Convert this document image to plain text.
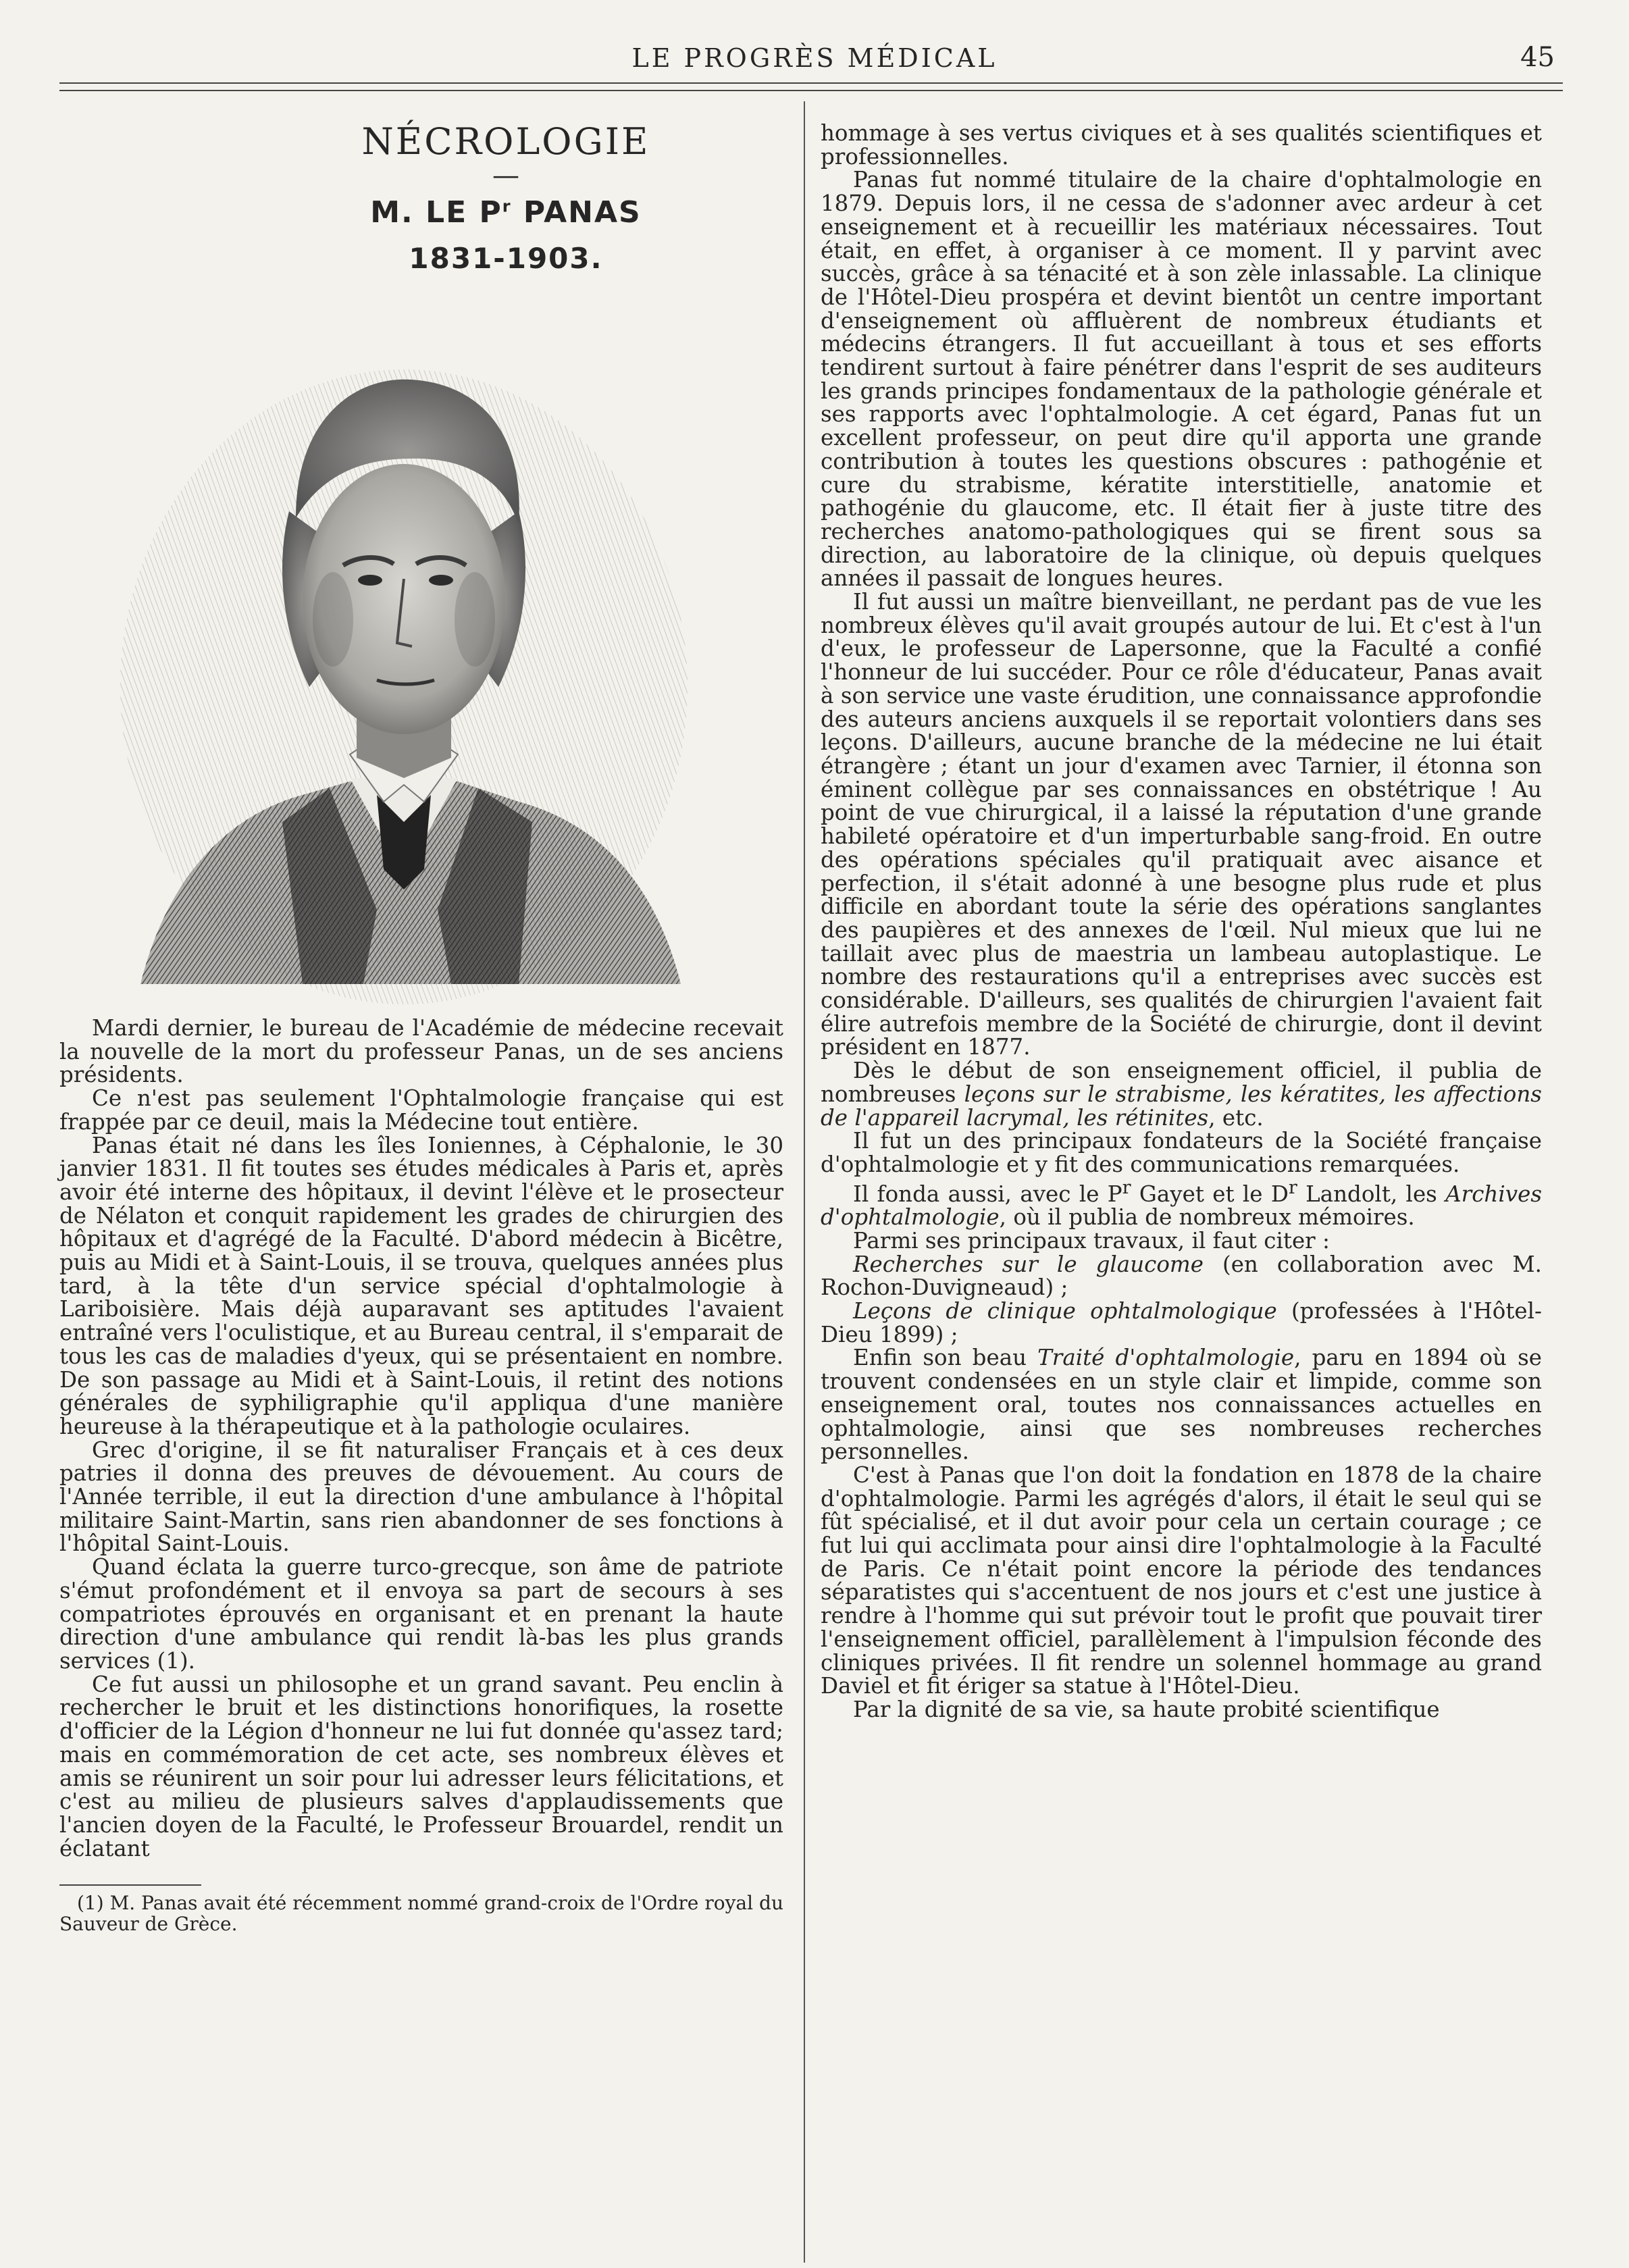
LE PROGRÈS MÉDICAL	45
NÉCROLOGIE
—
M. LE $P^r$ PANAS
1831-1903.

Mardi dernier, le bureau de l'Académie de médecine recevait la nouvelle de la mort du professeur Panas, un de ses anciens présidents.

Ce n'est pas seulement l'Ophtalmologie française qui est frappée par ce deuil, mais la Médecine tout entière.

Panas était né dans les îles Ioniennes, à Céphalonie, le 30 janvier 1831. Il fit toutes ses études médicales à Paris et, après avoir été interne des hôpitaux, il devint l'élève et le prosecteur de Nélaton et conquit rapidement les grades de chirurgien des hôpitaux et d'agrégé de la Faculté. D'abord médecin à Bicêtre, puis au Midi et à Saint-Louis, il se trouva, quelques années plus tard, à la tête d'un service spécial d'ophtalmologie à Lariboisière. Mais déjà auparavant ses aptitudes l'avaient entraîné vers l'oculistique, et au Bureau central, il s'emparait de tous les cas de maladies d'yeux, qui se présentaient en nombre. De son passage au Midi et à Saint-Louis, il retint des notions générales de syphiligraphie qu'il appliqua d'une manière heureuse à la thérapeutique et à la pathologie oculaires.

Grec d'origine, il se fit naturaliser Français et à ces deux patries il donna des preuves de dévouement. Au cours de l'Année terrible, il eut la direction d'une ambulance à l'hôpital militaire Saint-Martin, sans rien abandonner de ses fonctions à l'hôpital Saint-Louis.

Quand éclata la guerre turco-grecque, son âme de patriote s'émut profondément et il envoya sa part de secours à ses compatriotes éprouvés en organisant et en prenant la haute direction d'une ambulance qui rendit là-bas les plus grands services (1).

Ce fut aussi un philosophe et un grand savant. Peu enclin à rechercher le bruit et les distinctions honorifiques, la rosette d'officier de la Légion d'honneur ne lui fut donnée qu'assez tard; mais en commémoration de cet acte, ses nombreux élèves et amis se réunirent un soir pour lui adresser leurs félicitations, et c'est au milieu de plusieurs salves d'applaudissements que l'ancien doyen de la Faculté, le Professeur Brouardel, rendit un éclatant

(1) M. Panas avait été récemment nommé grand-croix de l'Ordre royal du Sauveur de Grèce.

hommage à ses vertus civiques et à ses qualités scientifiques et professionnelles.

Panas fut nommé titulaire de la chaire d'ophtalmologie en 1879. Depuis lors, il ne cessa de s'adonner avec ardeur à cet enseignement et à recueillir les matériaux nécessaires. Tout était, en effet, à organiser à ce moment. Il y parvint avec succès, grâce à sa ténacité et à son zèle inlassable. La clinique de l'Hôtel-Dieu prospéra et devint bientôt un centre important d'enseignement où affluèrent de nombreux étudiants et médecins étrangers. Il fut accueillant à tous et ses efforts tendirent surtout à faire pénétrer dans l'esprit de ses auditeurs les grands principes fondamentaux de la pathologie générale et ses rapports avec l'ophtalmologie. A cet égard, Panas fut un excellent professeur, on peut dire qu'il apporta une grande contribution à toutes les questions obscures : pathogénie et cure du strabisme, kératite interstitielle, anatomie et pathogénie du glaucome, etc. Il était fier à juste titre des recherches anatomo-pathologiques qui se firent sous sa direction, au laboratoire de la clinique, où depuis quelques années il passait de longues heures.

Il fut aussi un maître bienveillant, ne perdant pas de vue les nombreux élèves qu'il avait groupés autour de lui. Et c'est à l'un d'eux, le professeur de Lapersonne, que la Faculté a confié l'honneur de lui succéder. Pour ce rôle d'éducateur, Panas avait à son service une vaste érudition, une connaissance approfondie des auteurs anciens auxquels il se reportait volontiers dans ses leçons. D'ailleurs, aucune branche de la médecine ne lui était étrangère ; étant un jour d'examen avec Tarnier, il étonna son éminent collègue par ses connaissances en obstétrique ! Au point de vue chirurgical, il a laissé la réputation d'une grande habileté opératoire et d'un imperturbable sang-froid. En outre des opérations spéciales qu'il pratiquait avec aisance et perfection, il s'était adonné à une besogne plus rude et plus difficile en abordant toute la série des opérations sanglantes des paupières et des annexes de l'œil. Nul mieux que lui ne taillait avec plus de maestria un lambeau autoplastique. Le nombre des restaurations qu'il a entreprises avec succès est considérable. D'ailleurs, ses qualités de chirurgien l'avaient fait élire autrefois membre de la Société de chirurgie, dont il devint président en 1877.

Dès le début de son enseignement officiel, il publia de nombreuses leçons sur le strabisme, les kératites, les affections de l'appareil lacrymal, les rétinites, etc.

Il fut un des principaux fondateurs de la Société française d'ophtalmologie et y fit des communications remarquées.

Il fonda aussi, avec le $P^r$ Gayet et le $D^r$ Landolt, les Archives d'ophtalmologie, où il publia de nombreux mémoires.

Parmi ses principaux travaux, il faut citer :

Recherches sur le glaucome (en collaboration avec M. Rochon-Duvigneaud) ;

Leçons de clinique ophtalmologique (professées à l'Hôtel-Dieu 1899) ;

Enfin son beau Traité d'ophtalmologie, paru en 1894 où se trouvent condensées en un style clair et limpide, comme son enseignement oral, toutes nos connaissances actuelles en ophtalmologie, ainsi que ses nombreuses recherches personnelles.

C'est à Panas que l'on doit la fondation en 1878 de la chaire d'ophtalmologie. Parmi les agrégés d'alors, il était le seul qui se fût spécialisé, et il dut avoir pour cela un certain courage ; ce fut lui qui acclimata pour ainsi dire l'ophtalmologie à la Faculté de Paris. Ce n'était point encore la période des tendances séparatistes qui s'accentuent de nos jours et c'est une justice à rendre à l'homme qui sut prévoir tout le profit que pouvait tirer l'enseignement officiel, parallèlement à l'impulsion féconde des cliniques privées. Il fit rendre un solennel hommage au grand Daviel et fit ériger sa statue à l'Hôtel-Dieu.

Par la dignité de sa vie, sa haute probité scientifique
